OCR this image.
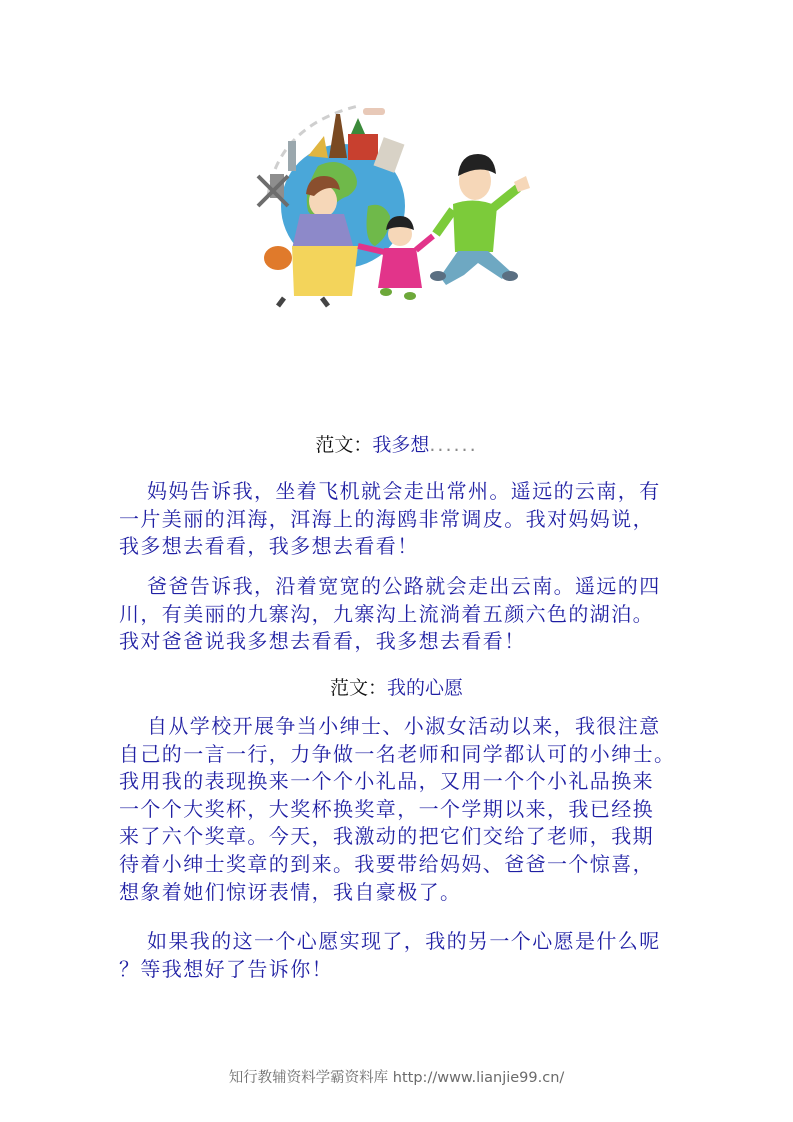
范文：我多想......
妈妈告诉我，坐着飞机就会走出常州。遥远的云南，有
一片美丽的洱海，洱海上的海鸥非常调皮。我对妈妈说，
我多想去看看，我多想去看看！
爸爸告诉我，沿着宽宽的公路就会走出云南。遥远的四
川，有美丽的九寨沟，九寨沟上流淌着五颜六色的湖泊。
我对爸爸说我多想去看看，我多想去看看！
范文：我的心愿
自从学校开展争当小绅士、小淑女活动以来，我很注意
自己的一言一行，力争做一名老师和同学都认可的小绅士。
我用我的表现换来一个个小礼品，又用一个个小礼品换来
一个个大奖杯，大奖杯换奖章，一个学期以来，我已经换
来了六个奖章。今天，我激动的把它们交给了老师，我期
待着小绅士奖章的到来。我要带给妈妈、爸爸一个惊喜，
想象着她们惊讶表情，我自豪极了。
如果我的这一个心愿实现了，我的另一个心愿是什么呢
？等我想好了告诉你！
知行教辅资料学霸资料库 http://www.lianjie99.cn/
